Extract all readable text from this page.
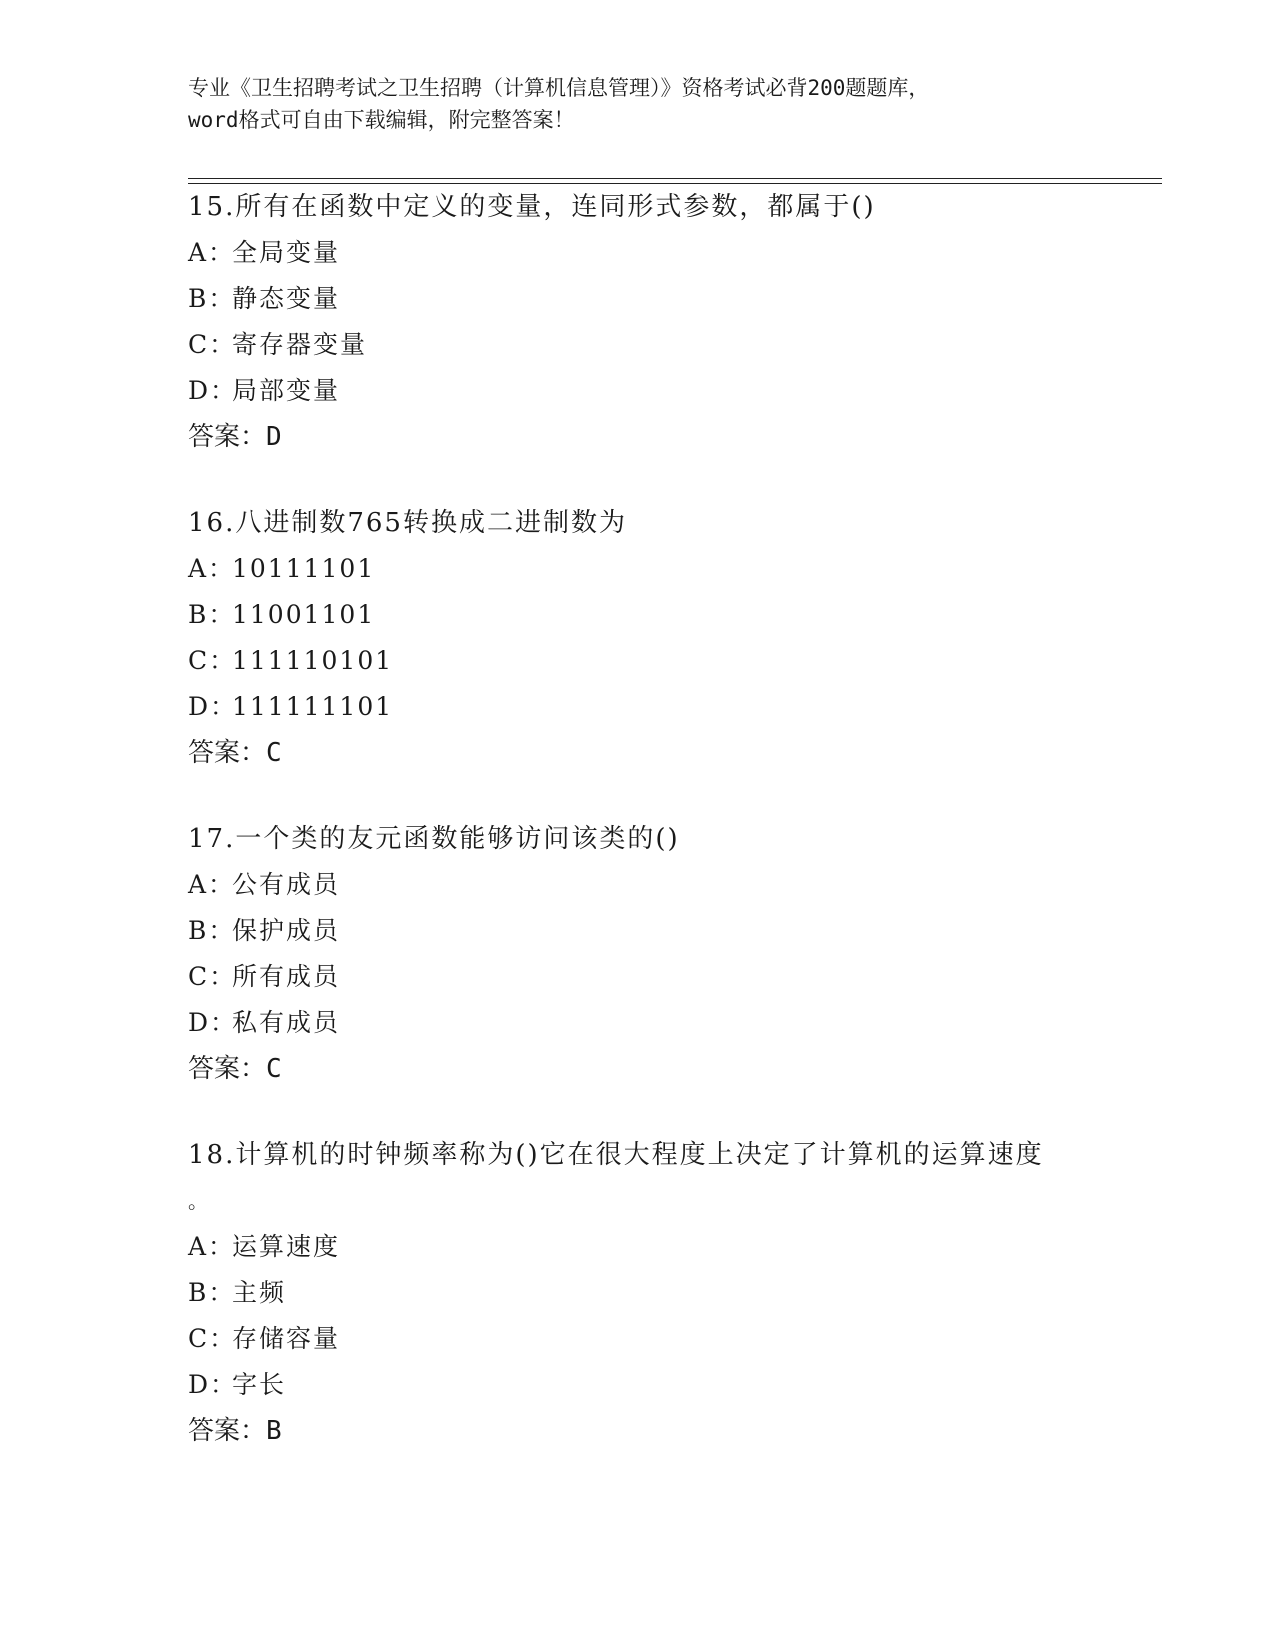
专业《卫生招聘考试之卫生招聘（计算机信息管理）》资格考试必背200题题库，
word格式可自由下载编辑，附完整答案！
15.所有在函数中定义的变量，连同形式参数，都属于()
A：全局变量
B：静态变量
C：寄存器变量
D：局部变量
答案：D
16.八进制数765转换成二进制数为
A：10111101
B：11001101
C：111110101
D：111111101
答案：C
17.一个类的友元函数能够访问该类的()
A：公有成员
B：保护成员
C：所有成员
D：私有成员
答案：C
18.计算机的时钟频率称为()它在很大程度上决定了计算机的运算速度
。
A：运算速度
B：主频
C：存储容量
D：字长
答案：B
